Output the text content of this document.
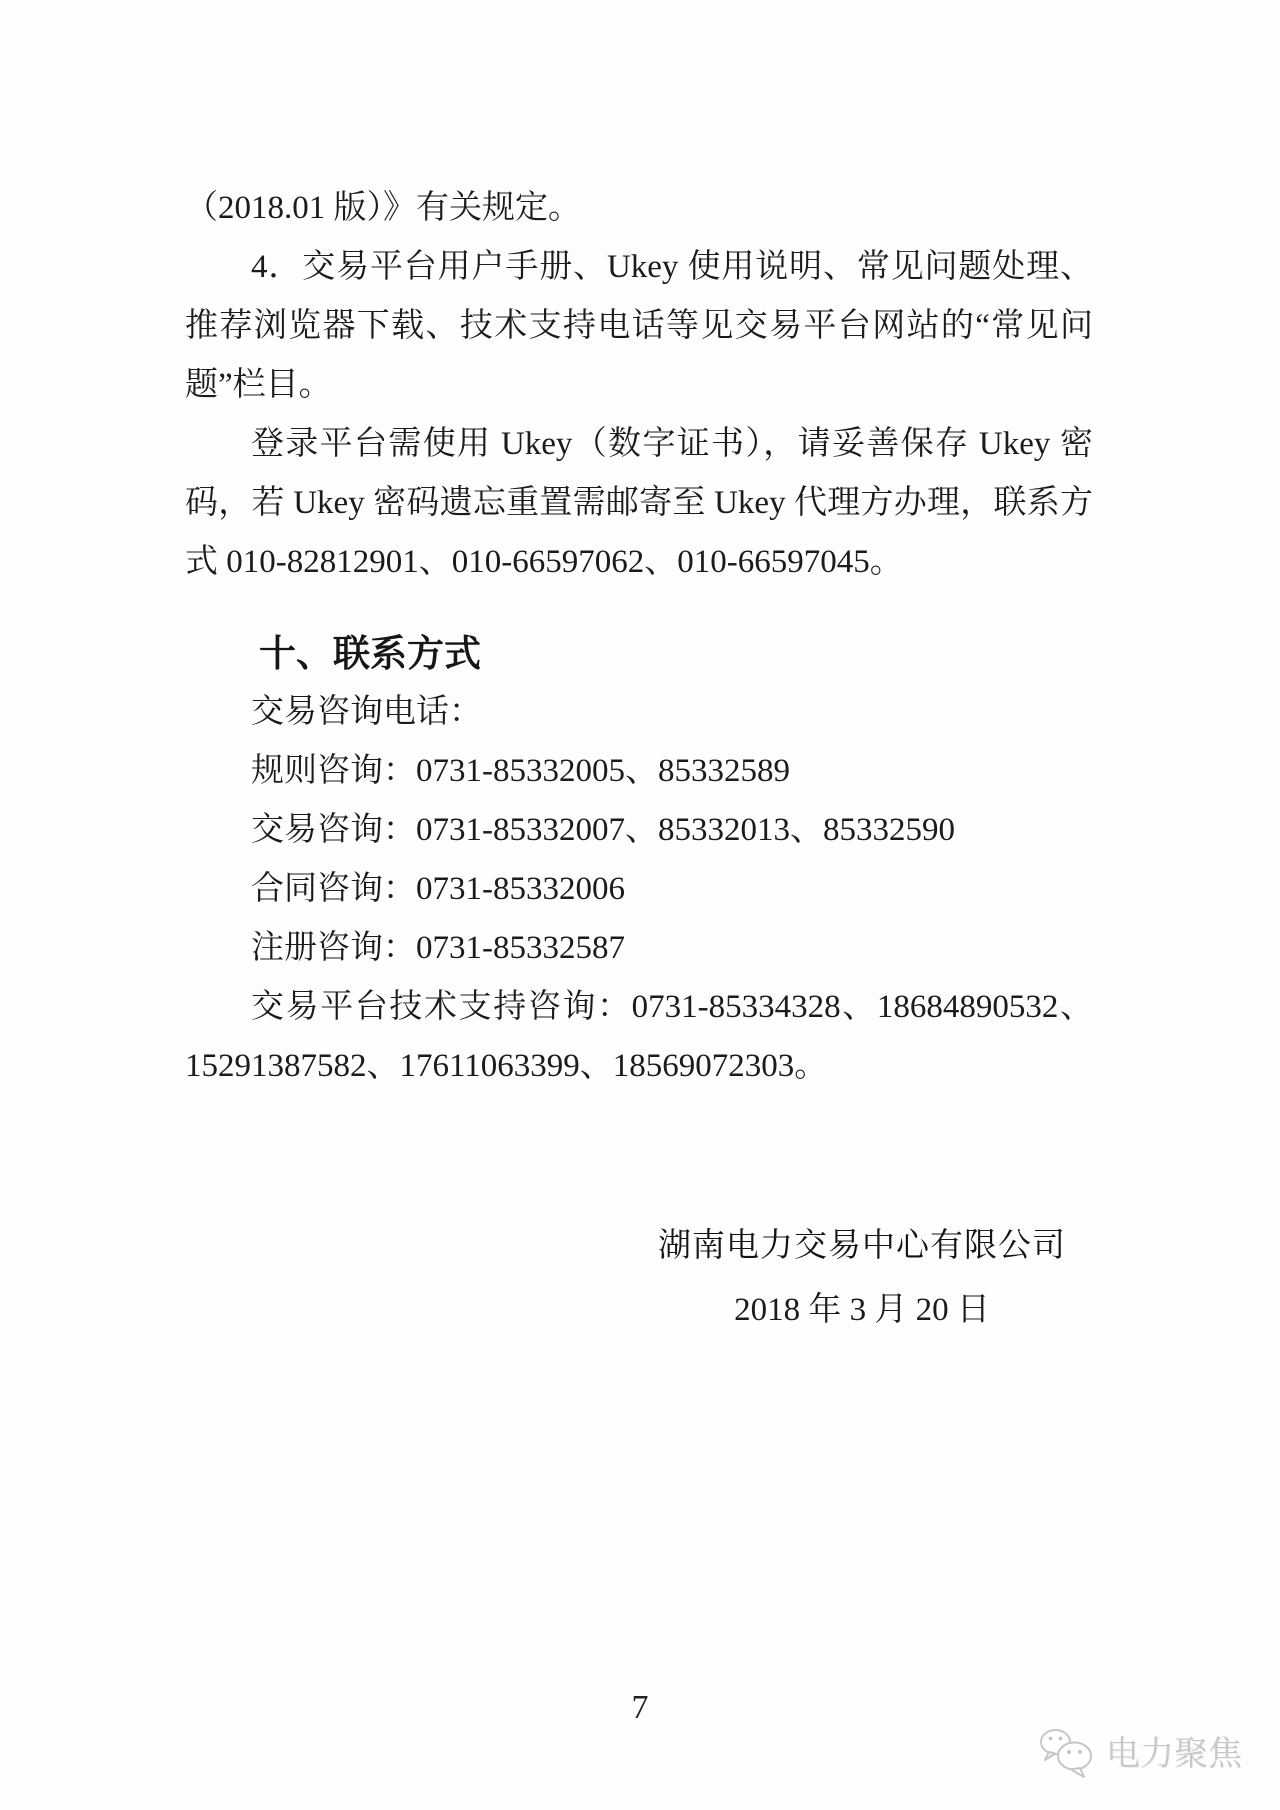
（2018.01 版）》有关规定。

4．交易平台用户手册、Ukey 使用说明、常见问题处理、推荐浏览器下载、技术支持电话等见交易平台网站的“常见问题”栏目。

登录平台需使用 Ukey（数字证书），请妥善保存 Ukey 密码，若 Ukey 密码遗忘重置需邮寄至 Ukey 代理方办理，联系方式 010-82812901、010-66597062、010-66597045。

十、联系方式

交易咨询电话：

规则咨询：0731-85332005、85332589

交易咨询：0731-85332007、85332013、85332590

合同咨询：0731-85332006

注册咨询：0731-85332587

交易平台技术支持咨询：0731-85334328、18684890532、15291387582、17611063399、18569072303。

湖南电力交易中心有限公司

2018 年 3 月 20 日

7
电力聚焦
